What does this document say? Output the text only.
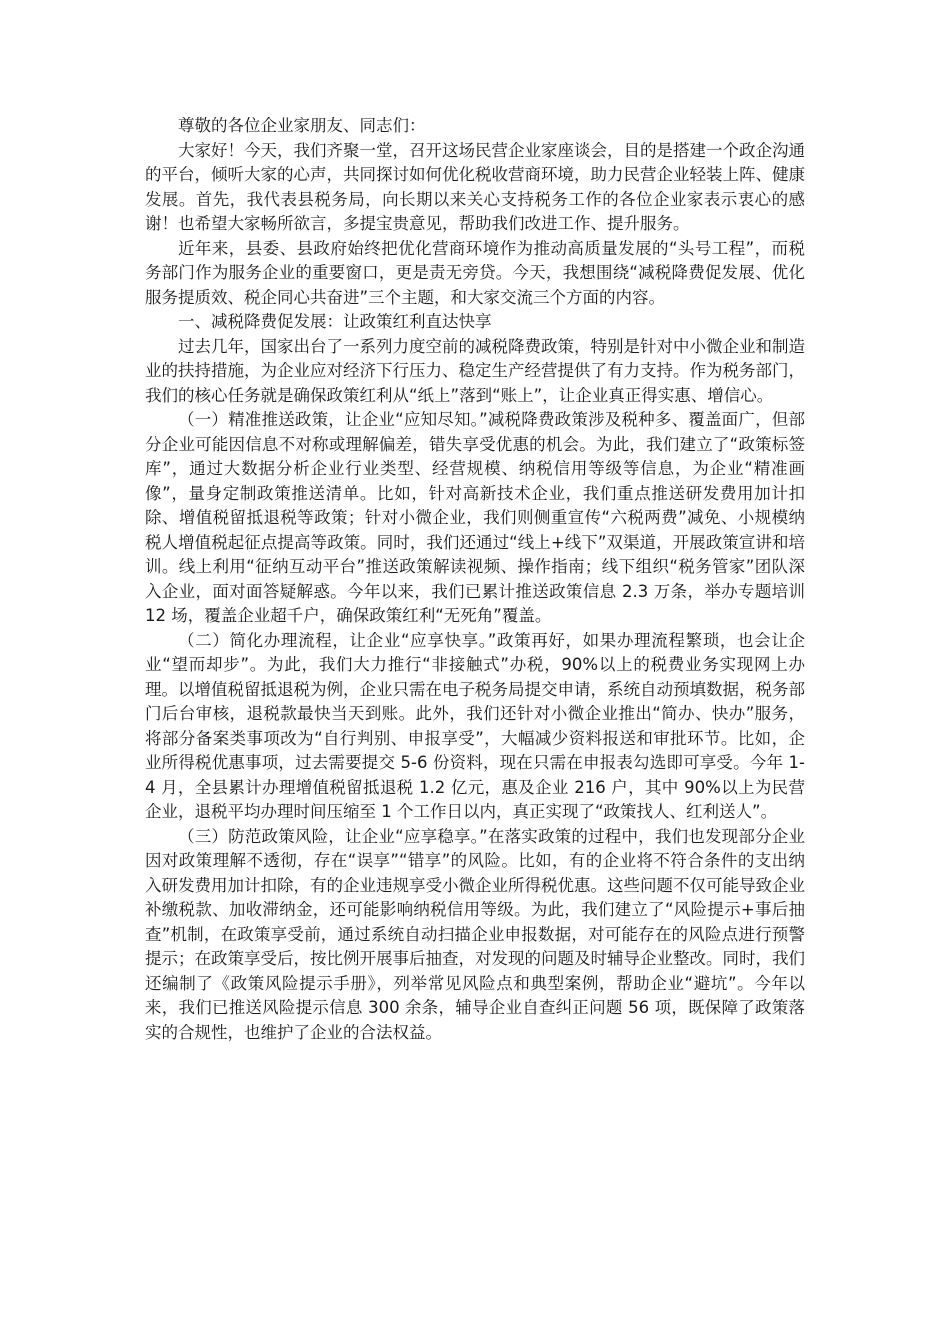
尊敬的各位企业家朋友、同志们：

大家好！今天，我们齐聚一堂，召开这场民营企业家座谈会，目的是搭建一个政企沟通的平台，倾听大家的心声，共同探讨如何优化税收营商环境，助力民营企业轻装上阵、健康发展。首先，我代表县税务局，向长期以来关心支持税务工作的各位企业家表示衷心的感谢！也希望大家畅所欲言，多提宝贵意见，帮助我们改进工作、提升服务。

近年来，县委、县政府始终把优化营商环境作为推动高质量发展的“头号工程”，而税务部门作为服务企业的重要窗口，更是责无旁贷。今天，我想围绕“减税降费促发展、优化服务提质效、税企同心共奋进”三个主题，和大家交流三个方面的内容。

一、减税降费促发展：让政策红利直达快享

过去几年，国家出台了一系列力度空前的减税降费政策，特别是针对中小微企业和制造业的扶持措施，为企业应对经济下行压力、稳定生产经营提供了有力支持。作为税务部门，我们的核心任务就是确保政策红利从“纸上”落到“账上”，让企业真正得实惠、增信心。

（一）精准推送政策，让企业“应知尽知。”减税降费政策涉及税种多、覆盖面广，但部分企业可能因信息不对称或理解偏差，错失享受优惠的机会。为此，我们建立了“政策标签库”，通过大数据分析企业行业类型、经营规模、纳税信用等级等信息，为企业“精准画像”，量身定制政策推送清单。比如，针对高新技术企业，我们重点推送研发费用加计扣除、增值税留抵退税等政策；针对小微企业，我们则侧重宣传“六税两费”减免、小规模纳税人增值税起征点提高等政策。同时，我们还通过“线上+线下”双渠道，开展政策宣讲和培训。线上利用“征纳互动平台”推送政策解读视频、操作指南；线下组织“税务管家”团队深入企业，面对面答疑解惑。今年以来，我们已累计推送政策信息 2.3 万条，举办专题培训 12 场，覆盖企业超千户，确保政策红利“无死角”覆盖。

（二）简化办理流程，让企业“应享快享。”政策再好，如果办理流程繁琐，也会让企业“望而却步”。为此，我们大力推行“非接触式”办税，90%以上的税费业务实现网上办理。以增值税留抵退税为例，企业只需在电子税务局提交申请，系统自动预填数据，税务部门后台审核，退税款最快当天到账。此外，我们还针对小微企业推出“简办、快办”服务，将部分备案类事项改为“自行判别、申报享受”，大幅减少资料报送和审批环节。比如，企业所得税优惠事项，过去需要提交 5-6 份资料，现在只需在申报表勾选即可享受。今年 1-4 月，全县累计办理增值税留抵退税 1.2 亿元，惠及企业 216 户，其中 90%以上为民营企业，退税平均办理时间压缩至 1 个工作日以内，真正实现了“政策找人、红利送人”。

（三）防范政策风险，让企业“应享稳享。”在落实政策的过程中，我们也发现部分企业因对政策理解不透彻，存在“误享”“错享”的风险。比如，有的企业将不符合条件的支出纳入研发费用加计扣除，有的企业违规享受小微企业所得税优惠。这些问题不仅可能导致企业补缴税款、加收滞纳金，还可能影响纳税信用等级。为此，我们建立了“风险提示+事后抽查”机制，在政策享受前，通过系统自动扫描企业申报数据，对可能存在的风险点进行预警提示；在政策享受后，按比例开展事后抽查，对发现的问题及时辅导企业整改。同时，我们还编制了《政策风险提示手册》，列举常见风险点和典型案例，帮助企业“避坑”。今年以来，我们已推送风险提示信息 300 余条，辅导企业自查纠正问题 56 项，既保障了政策落实的合规性，也维护了企业的合法权益。
